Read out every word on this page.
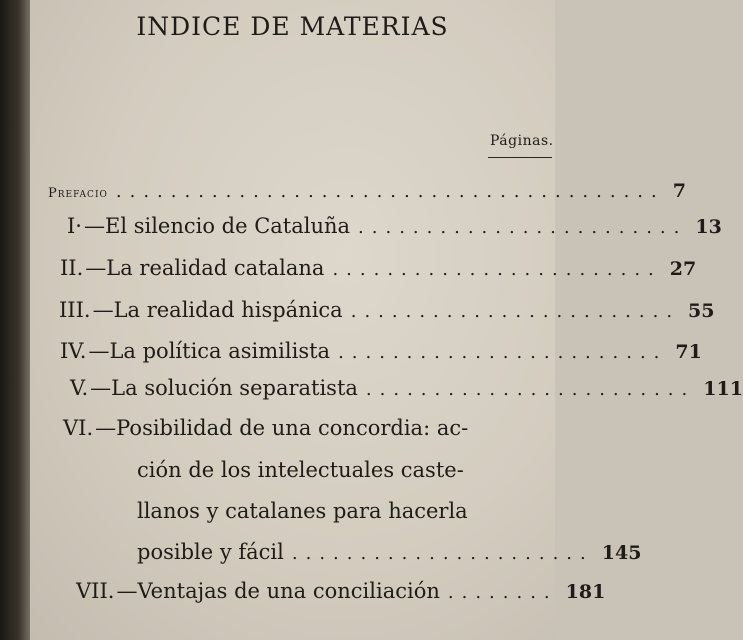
INDICE DE MATERIAS
Páginas.
Prefacio ........................................ 7
I· —El silencio de Cataluña ........................ 13
II. —La realidad catalana ........................ 27
III. —La realidad hispánica ........................ 55
IV. —La política asimilista ........................ 71
V. —La solución separatista ........................ 111
VI.—Posibilidad de una concordia: ac-
ción de los intelectuales caste-
llanos y catalanes para hacerla
posible y fácil ...................... 145
VII. —Ventajas de una conciliación ........ 181
